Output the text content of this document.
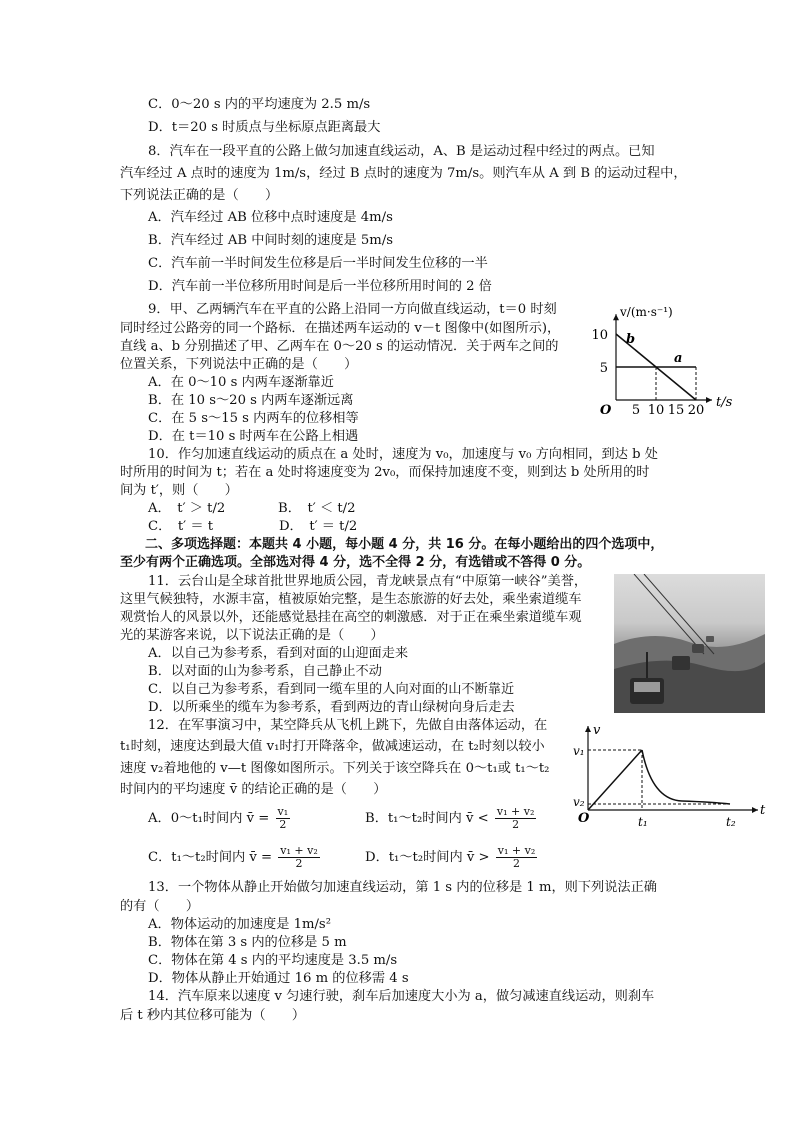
C．0～20 s 内的平均速度为 2.5 m/s
D．t＝20 s 时质点与坐标原点距离最大
8．汽车在一段平直的公路上做匀加速直线运动，A、B 是运动过程中经过的两点。已知
汽车经过 A 点时的速度为 1m/s，经过 B 点时的速度为 7m/s。则汽车从 A 到 B 的运动过程中，
下列说法正确的是（　　）
A．汽车经过 AB 位移中点时速度是 4m/s
B．汽车经过 AB 中间时刻的速度是 5m/s
C．汽车前一半时间发生位移是后一半时间发生位移的一半
D．汽车前一半位移所用时间是后一半位移所用时间的 2 倍
9．甲、乙两辆汽车在平直的公路上沿同一方向做直线运动，t＝0 时刻
同时经过公路旁的同一个路标．在描述两车运动的 v－t 图像中(如图所示)，
直线 a、b 分别描述了甲、乙两车在 0～20 s 的运动情况．关于两车之间的
位置关系，下列说法中正确的是（　　）
A．在 0～10 s 内两车逐渐靠近
B．在 10 s～20 s 内两车逐渐远离
C．在 5 s～15 s 内两车的位移相等
D．在 t＝10 s 时两车在公路上相遇
10．作匀加速直线运动的质点在 a 处时，速度为 v₀，加速度与 v₀ 方向相同，到达 b 处
时所用的时间为 t；若在 a 处时将速度变为 2v₀，而保持加速度不变，则到达 b 处所用的时
间为 t′，则（　　）
A．　t′ ＞ t/2　　　　B．　t′ ＜ t/2
C．　t′ ＝ t　　　　　D．　t′ ＝ t/2
二、多项选择题：本题共 4 小题，每小题 4 分，共 16 分。在每小题给出的四个选项中，
至少有两个正确选项。全部选对得 4 分，选不全得 2 分，有选错或不答得 0 分。
11．云台山是全球首批世界地质公园，青龙峡景点有“中原第一峡谷”美誉，
这里气候独特，水源丰富，植被原始完整，是生态旅游的好去处，乘坐索道缆车
观赏怡人的风景以外，还能感觉悬挂在高空的刺激感．对于正在乘坐索道缆车观
光的某游客来说，以下说法正确的是（　　）
A．以自己为参考系，看到对面的山迎面走来
B．以对面的山为参考系，自己静止不动
C．以自己为参考系，看到同一缆车里的人向对面的山不断靠近
D．以所乘坐的缆车为参考系，看到两边的青山绿树向身后走去
12．在军事演习中，某空降兵从飞机上跳下，先做自由落体运动，在
t₁时刻，速度达到最大值 v₁时打开降落伞，做减速运动，在 t₂时刻以较小
速度 v₂着地他的 v—t 图像如图所示。下列关于该空降兵在 0～t₁或 t₁～t₂
时间内的平均速度 v̄ 的结论正确的是（　　）
A．0～t₁时间内 v̄ = $\frac{\text{v₁}}{2}$	B．t₁～t₂时间内 v̄ < $\frac{\text{v₁ + v₂}}{2}$
C．t₁～t₂时间内 v̄ = $\frac{\text{v₁ + v₂}}{2}$	D．t₁～t₂时间内 v̄ > $\frac{\text{v₁ + v₂}}{2}$
13．一个物体从静止开始做匀加速直线运动，第 1 s 内的位移是 1 m，则下列说法正确
的有（　　）
A．物体运动的加速度是 1m/s²
B．物体在第 3 s 内的位移是 5 m
C．物体在第 4 s 内的平均速度是 3.5 m/s
D．物体从静止开始通过 16 m 的位移需 4 s
14．汽车原来以速度 v 匀速行驶，刹车后加速度大小为 a，做匀减速直线运动，则刹车
后 t 秒内其位移可能为（　　）
v/(m·s⁻¹)
t/s
O 5 10 15 20
5
10 b
a
v
t
O
v₁
v₂
t₁	t₂
